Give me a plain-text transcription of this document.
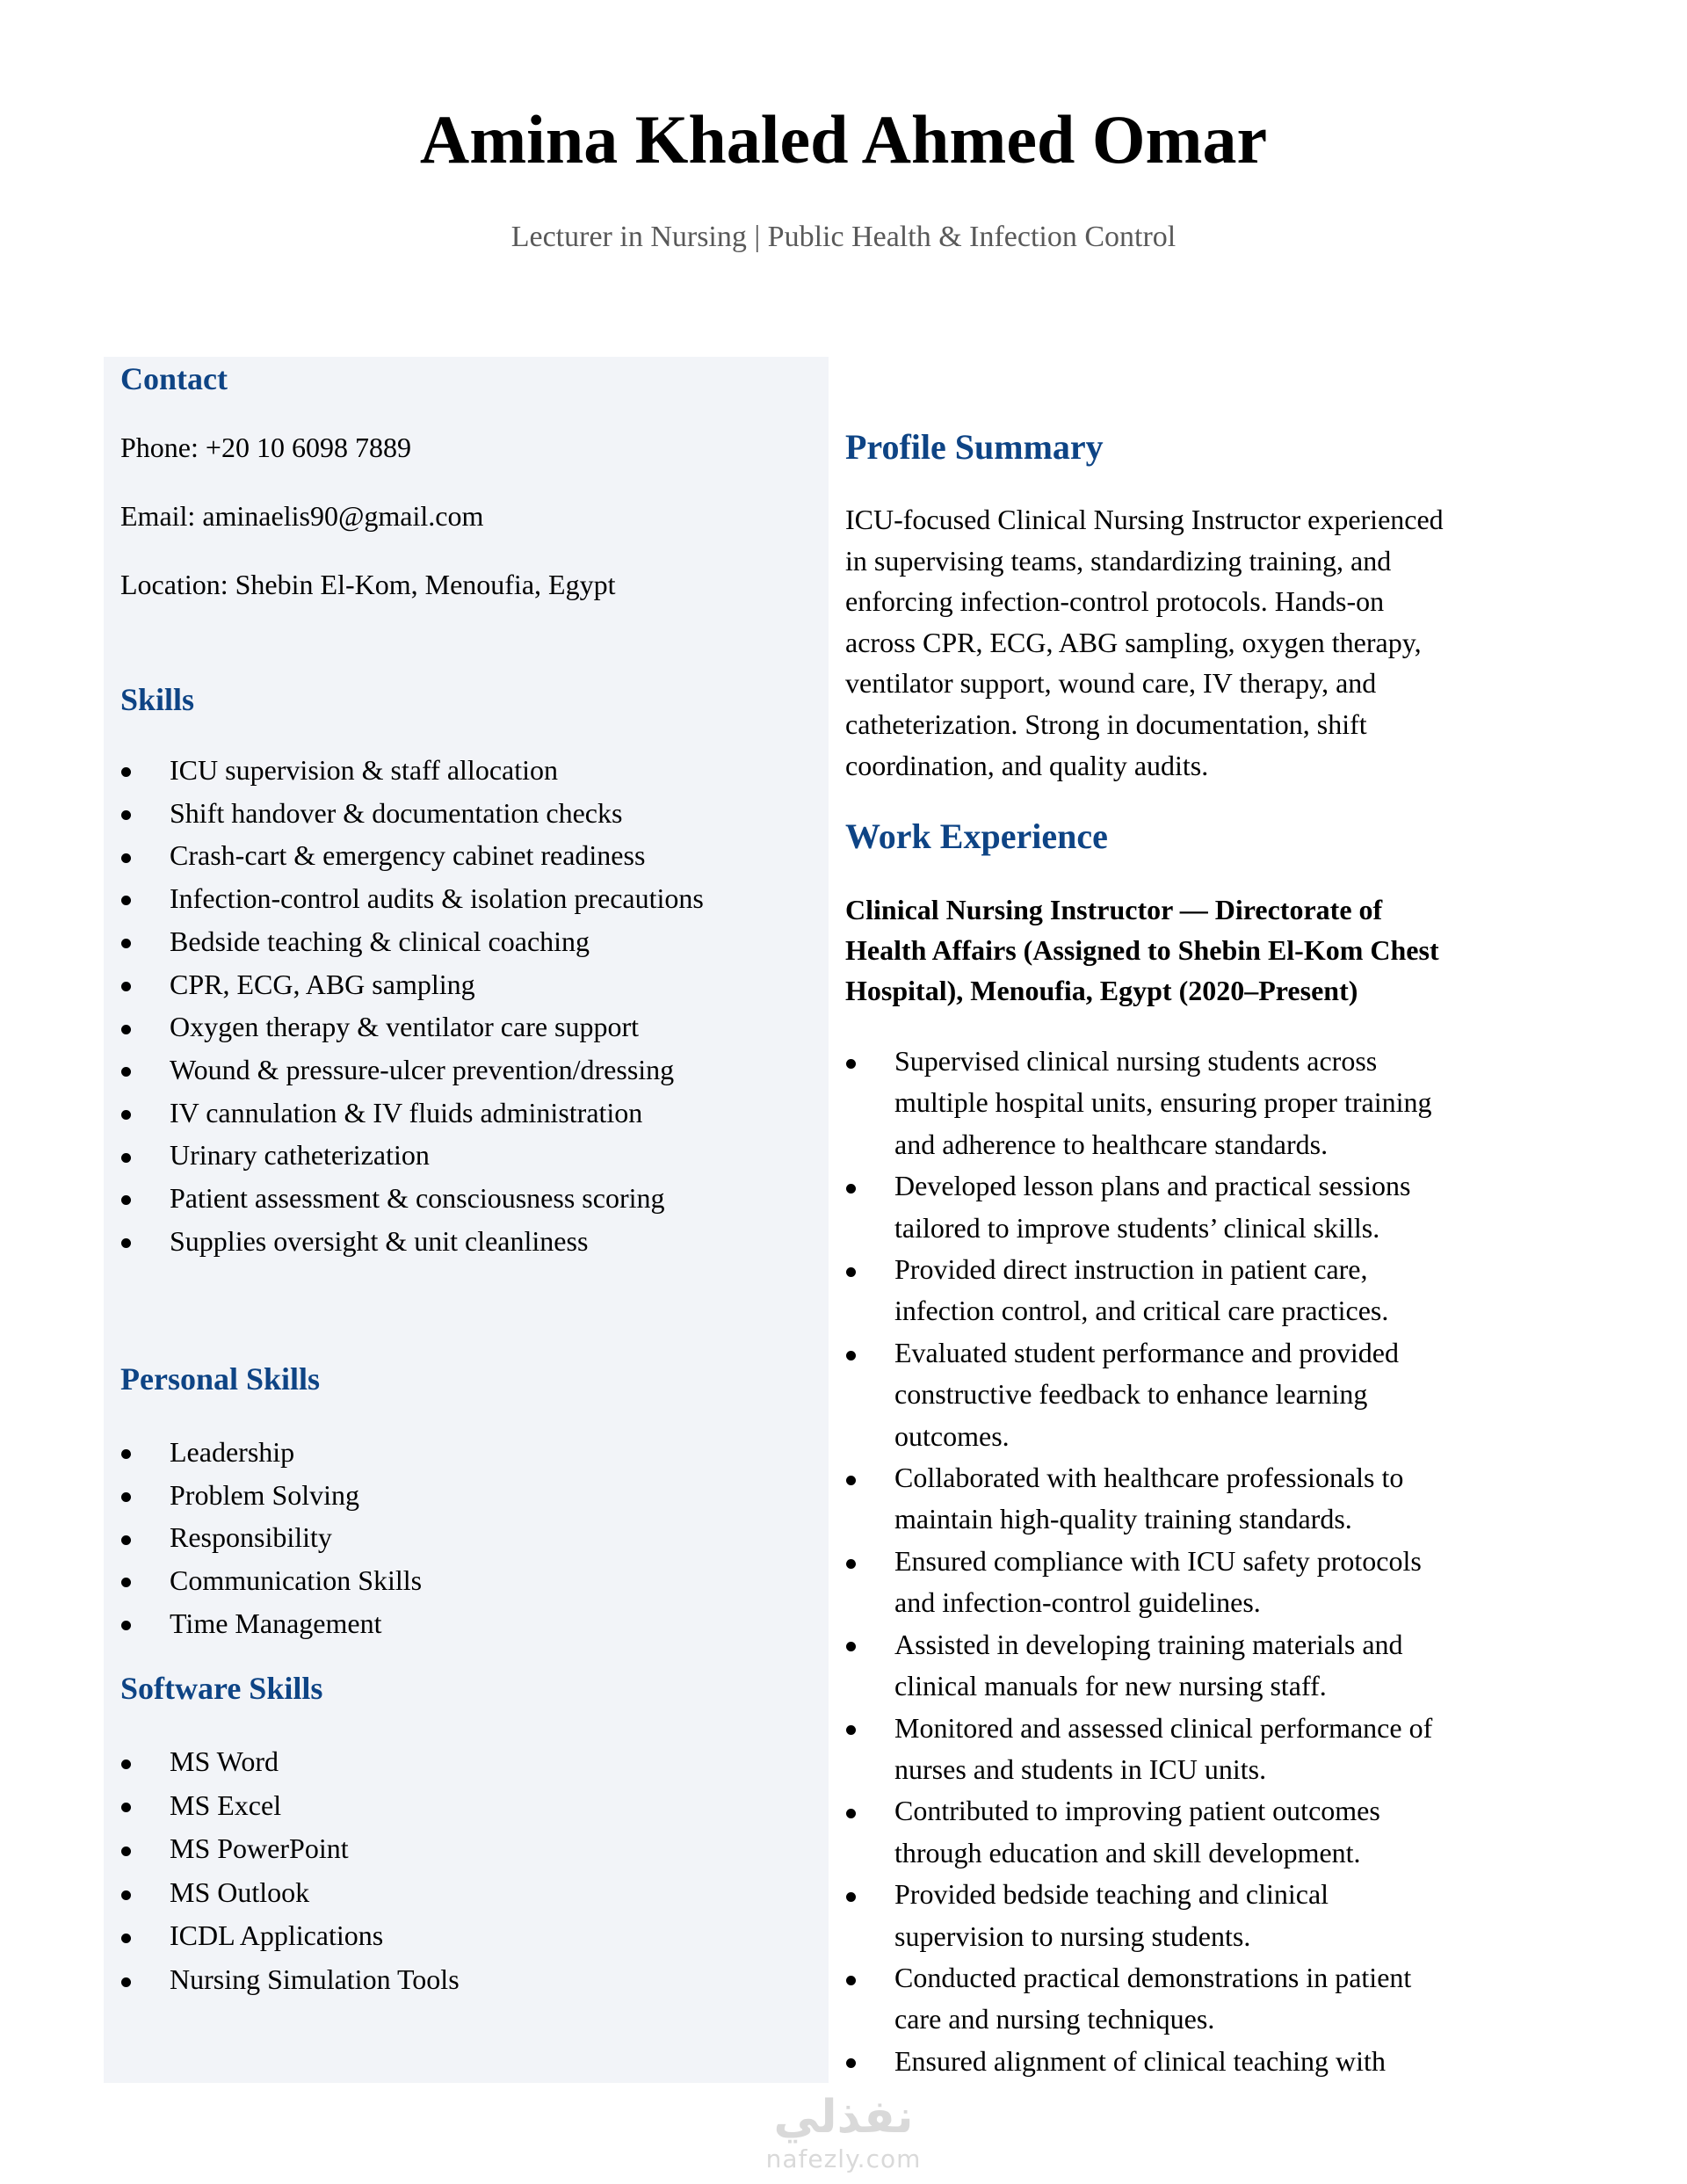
Amina Khaled Ahmed Omar
Lecturer in Nursing | Public Health & Infection Control
Contact
Phone: +20 10 6098 7889
Email: aminaelis90@gmail.com
Location: Shebin El-Kom, Menoufia, Egypt
Skills
ICU supervision & staff allocation
Shift handover & documentation checks
Crash-cart & emergency cabinet readiness
Infection-control audits & isolation precautions
Bedside teaching & clinical coaching
CPR, ECG, ABG sampling
Oxygen therapy & ventilator care support
Wound & pressure-ulcer prevention/dressing
IV cannulation & IV fluids administration
Urinary catheterization
Patient assessment & consciousness scoring
Supplies oversight & unit cleanliness
Personal Skills
Leadership
Problem Solving
Responsibility
Communication Skills
Time Management
Software Skills
MS Word
MS Excel
MS PowerPoint
MS Outlook
ICDL Applications
Nursing Simulation Tools
Profile Summary
ICU-focused Clinical Nursing Instructor experienced
in supervising teams, standardizing training, and
enforcing infection-control protocols. Hands-on
across CPR, ECG, ABG sampling, oxygen therapy,
ventilator support, wound care, IV therapy, and
catheterization. Strong in documentation, shift
coordination, and quality audits.
Work Experience
Clinical Nursing Instructor — Directorate of
Health Affairs (Assigned to Shebin El-Kom Chest
Hospital), Menoufia, Egypt (2020–Present)
Supervised clinical nursing students across
multiple hospital units, ensuring proper training
and adherence to healthcare standards.
Developed lesson plans and practical sessions
tailored to improve students’ clinical skills.
Provided direct instruction in patient care,
infection control, and critical care practices.
Evaluated student performance and provided
constructive feedback to enhance learning
outcomes.
Collaborated with healthcare professionals to
maintain high-quality training standards.
Ensured compliance with ICU safety protocols
and infection-control guidelines.
Assisted in developing training materials and
clinical manuals for new nursing staff.
Monitored and assessed clinical performance of
nurses and students in ICU units.
Contributed to improving patient outcomes
through education and skill development.
Provided bedside teaching and clinical
supervision to nursing students.
Conducted practical demonstrations in patient
care and nursing techniques.
Ensured alignment of clinical teaching with
نفذلي
nafezly.com
